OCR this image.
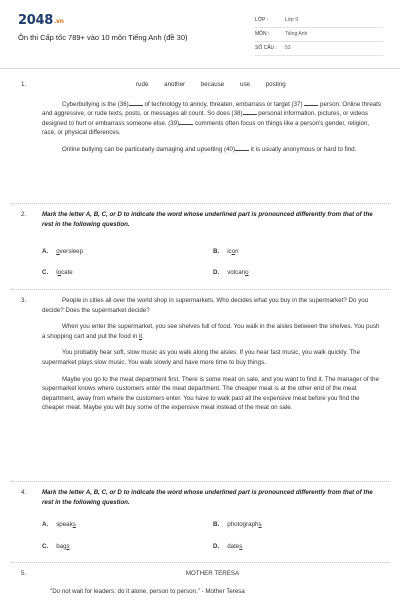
2048.vn
Ôn thi Cấp tốc 789+ vào 10 môn Tiếng Anh (đề 30)
LỚP :	Lớp 9
MÔN :	Tiếng Anh
SỐ CÂU : 53
1.	rude	another	because	use	posting

Cyberbullying is the (36)	of technology to annoy, threaten, embarrass or target (37)	person. Online threats and aggressive, or rude texts, posts, or messages all count. So does (38)	personal information, pictures, or videos designed to hurt or embarrass someone else. (39)	comments often focus on things like a person's gender, religion, race, or physical differences.

Online bullying can be particularly damaging and upsetting (40)	it is usually anonymous or hard to find.

2.	Mark the letter A, B, C, or D to indicate the word whose underlined part is pronounced differently from that of the rest in the following question.

A. oversleep	B. icon
C. locate	D. volcano
3.	People in cities all over the world shop in supermarkets. Who decides what you buy in the supermarket? Do you decide? Does the supermarket decide?

When you enter the supermarket, you see shelves full of food. You walk in the aisles between the shelves. You push a shopping cart and put the food in it.

You probably hear soft, slow music as you walk along the aisles. If you hear fast music, you walk quickly. The supermarket plays slow music. You walk slowly and have more time to buy things.

Maybe you go to the meat department first. There is some meat on sale, and you want to find it. The manager of the supermarket knows where customers enter the meat department. The cheaper meat is at the other end of the meat department, away from where the customers enter. You have to walk past all the expensive meat before you find the cheaper meat. Maybe you will buy some of the expensive meat instead of the meat on sale.

4.	Mark the letter A, B, C, or D to indicate the word whose underlined part is pronounced differently from that of the rest in the following question.

A. speaks	B. photographs
C. bags	D. dates
5.	MOTHER TERESA

"Do not wait for leaders; do it alone, person to person." - Mother Teresa
